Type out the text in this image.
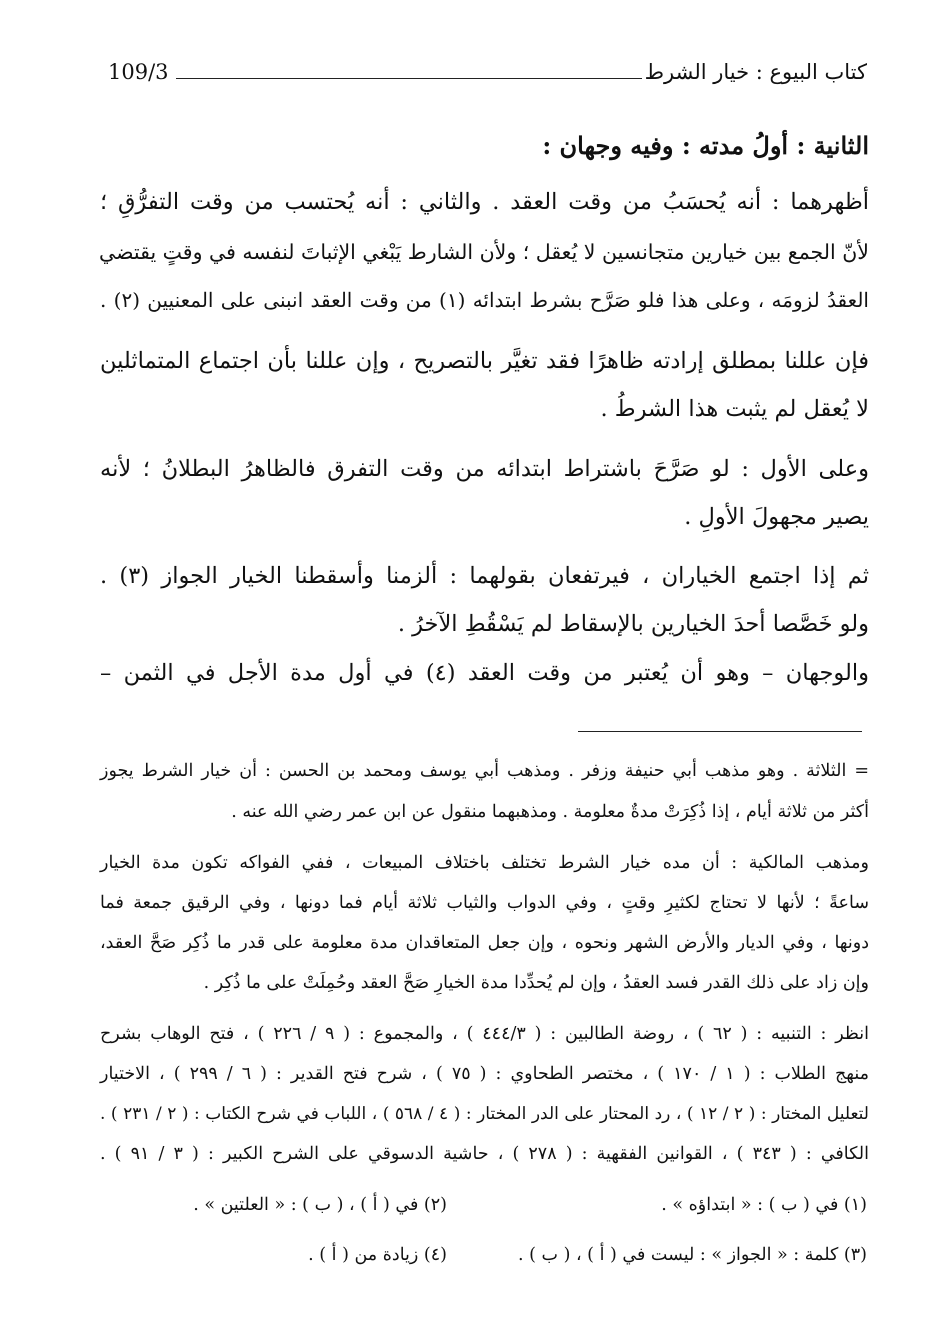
كتاب البيوع : خيار الشرط
109/3
الثانية : أولُ مدته : وفيه وجهان :
أظهرهما : أنه يُحسَبُ من وقت العقد . والثاني : أنه يُحتسب من وقت التفرُّقِ ؛
لأنّ الجمع بين خيارين متجانسين لا يُعقل ؛ ولأن الشارط يَبْغي الإثباتَ لنفسه في وقتٍ يقتضي
العقدُ لزومَه ، وعلى هذا فلو صَرَّح بشرط ابتدائه (١) من وقت العقد انبنى على المعنيين (٢) .
فإن عللنا بمطلق إرادته ظاهرًا فقد تغيَّر بالتصريح ، وإن عللنا بأن اجتماع المتماثلين
لا يُعقل لم يثبت هذا الشرطُ .
وعلى الأول : لو صَرَّحَ باشتراط ابتدائه من وقت التفرق فالظاهرُ البطلانُ ؛ لأنه
يصير مجهولَ الأولِ .
ثم إذا اجتمع الخياران ، فيرتفعان بقولهما : ألزمنا وأسقطنا الخيار الجواز (٣) .
ولو خَصَّصا أحدَ الخيارين بالإسقاط لم يَسْقُطِ الآخرُ .
والوجهان – وهو أن يُعتبر من وقت العقد (٤) في أول مدة الأجل في الثمن –
= الثلاثة . وهو مذهب أبي حنيفة وزفر . ومذهب أبي يوسف ومحمد بن الحسن : أن خيار الشرط يجوز
أكثر من ثلاثة أيام ، إذا ذُكِرَتْ مدةٌ معلومة . ومذهبهما منقول عن ابن عمر رضي الله عنه .
ومذهب المالكية : أن مده خيار الشرط تختلف باختلاف المبيعات ، ففي الفواكه تكون مدة الخيار
ساعةً ؛ لأنها لا تحتاج لكثيرِ وقتٍ ، وفي الدواب والثياب ثلاثة أيام فما دونها ، وفي الرقيق جمعة فما
دونها ، وفي الديار والأرض الشهر ونحوه ، وإن جعل المتعاقدان مدة معلومة على قدر ما ذُكِر صَحَّ العقد،
وإن زاد على ذلك القدر فسد العقدُ ، وإن لم يُحدِّدا مدة الخيارِ صَحَّ العقد وحُمِلَتْ على ما ذُكِر .
انظر : التنبيه : ( ٦٢ ) ، روضة الطالبين : ( ٤٤٤/٣ ) ، والمجموع : ( ٩ / ٢٢٦ ) ، فتح الوهاب بشرح
منهج الطلاب : ( ١ / ١٧٠ ) ، مختصر الطحاوي : ( ٧٥ ) ، شرح فتح القدير : ( ٦ / ٢٩٩ ) ، الاختيار
لتعليل المختار : ( ٢ / ١٢ ) ، رد المحتار على الدر المختار : ( ٤ / ٥٦٨ ) ، اللباب في شرح الكتاب : ( ٢ / ٢٣١ ) .
الكافي : ( ٣٤٣ ) ، القوانين الفقهية : ( ٢٧٨ ) ، حاشية الدسوقي على الشرح الكبير : ( ٣ / ٩١ ) .
(١) في ( ب ) : « ابتداؤه » .
(٢) في ( أ ) ، ( ب ) : « العلتين » .
(٣) كلمة : « الجواز » : ليست في ( أ ) ، ( ب ) .
(٤) زيادة من ( أ ) .
